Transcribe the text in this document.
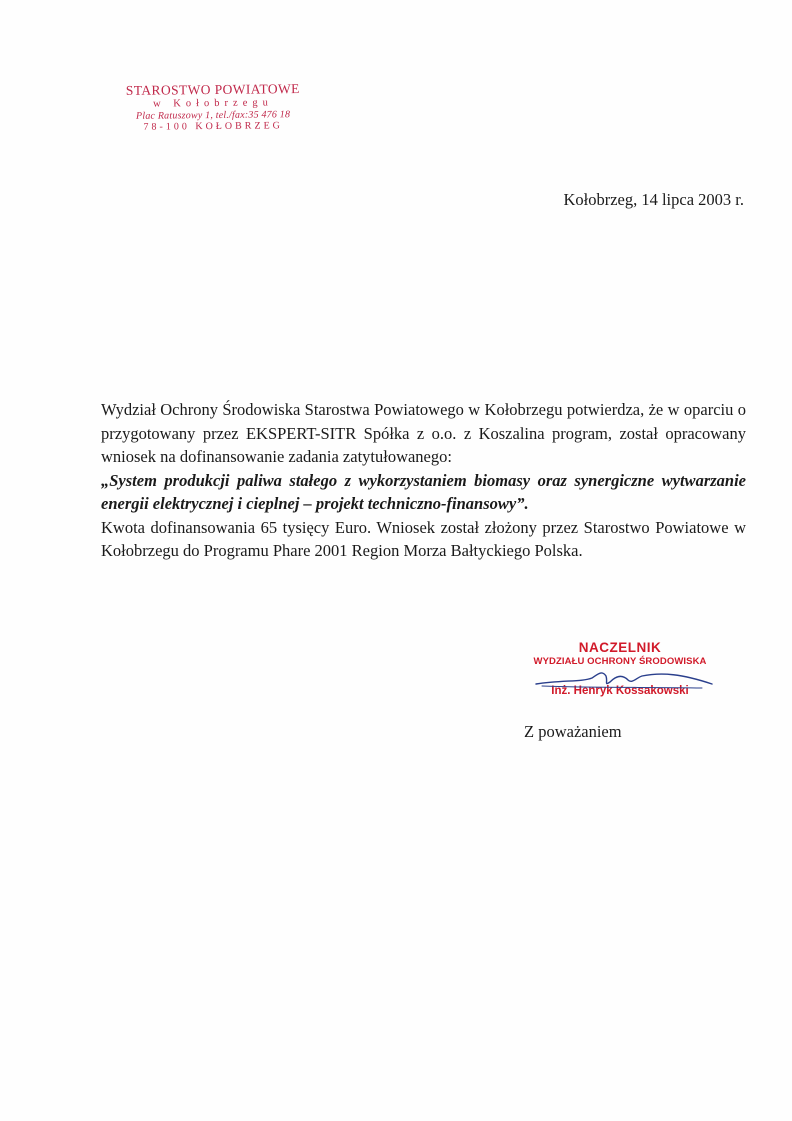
STAROSTWO POWIATOWE
w Kołobrzegu
Plac Ratuszowy 1, tel./fax:35 476 18
78-100 KOŁOBRZEG
Kołobrzeg, 14 lipca 2003 r.

Wydział Ochrony Środowiska Starostwa Powiatowego w Kołobrzegu potwierdza, że w oparciu o przygotowany przez EKSPERT-SITR Spółka z o.o. z Koszalina program, został opracowany wniosek na dofinansowanie zadania zatytułowanego:

„System produkcji paliwa stałego z wykorzystaniem biomasy oraz synergiczne wytwarzanie energii elektrycznej i cieplnej – projekt techniczno-finansowy”.

Kwota dofinansowania 65 tysięcy Euro. Wniosek został złożony przez Starostwo Powiatowe w Kołobrzegu do Programu Phare 2001 Region Morza Bałtyckiego Polska.

NACZELNIK
WYDZIAŁU OCHRONY ŚRODOWISKA
Inż. Henryk Kossakowski
Z poważaniem
